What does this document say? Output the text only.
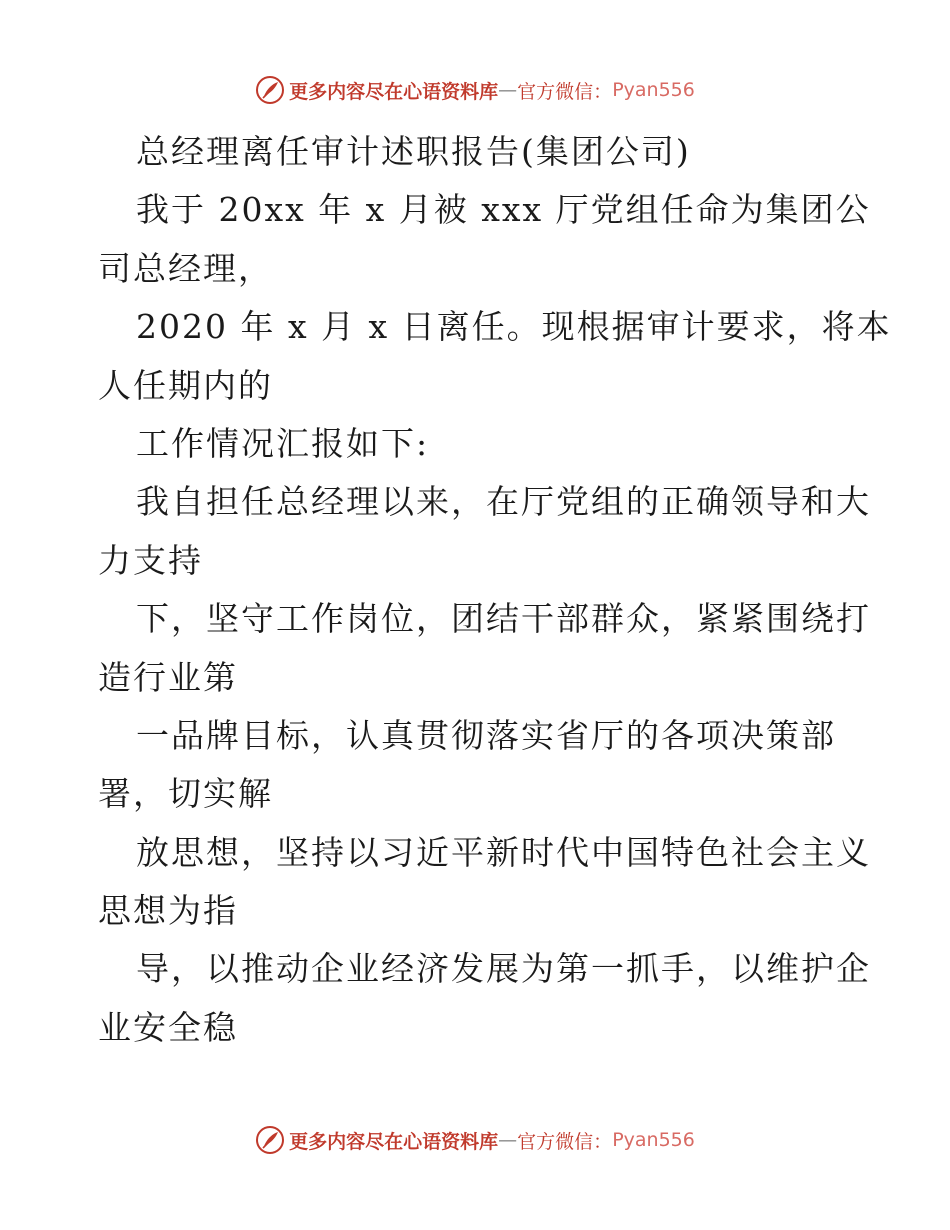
更多内容尽在心语资料库 — 官方微信： Pyan556
总经理离任审计述职报告(集团公司)
我于 20xx 年 x 月被 xxx 厅党组任命为集团公
司总经理，
2020 年 x 月 x 日离任。现根据审计要求，将本
人任期内的
工作情况汇报如下:
我自担任总经理以来，在厅党组的正确领导和大
力支持
下，坚守工作岗位，团结干部群众，紧紧围绕打
造行业第
一品牌目标，认真贯彻落实省厅的各项决策部
署，切实解
放思想，坚持以习近平新时代中国特色社会主义
思想为指
导，以推动企业经济发展为第一抓手，以维护企
业安全稳
更多内容尽在心语资料库 — 官方微信： Pyan556
